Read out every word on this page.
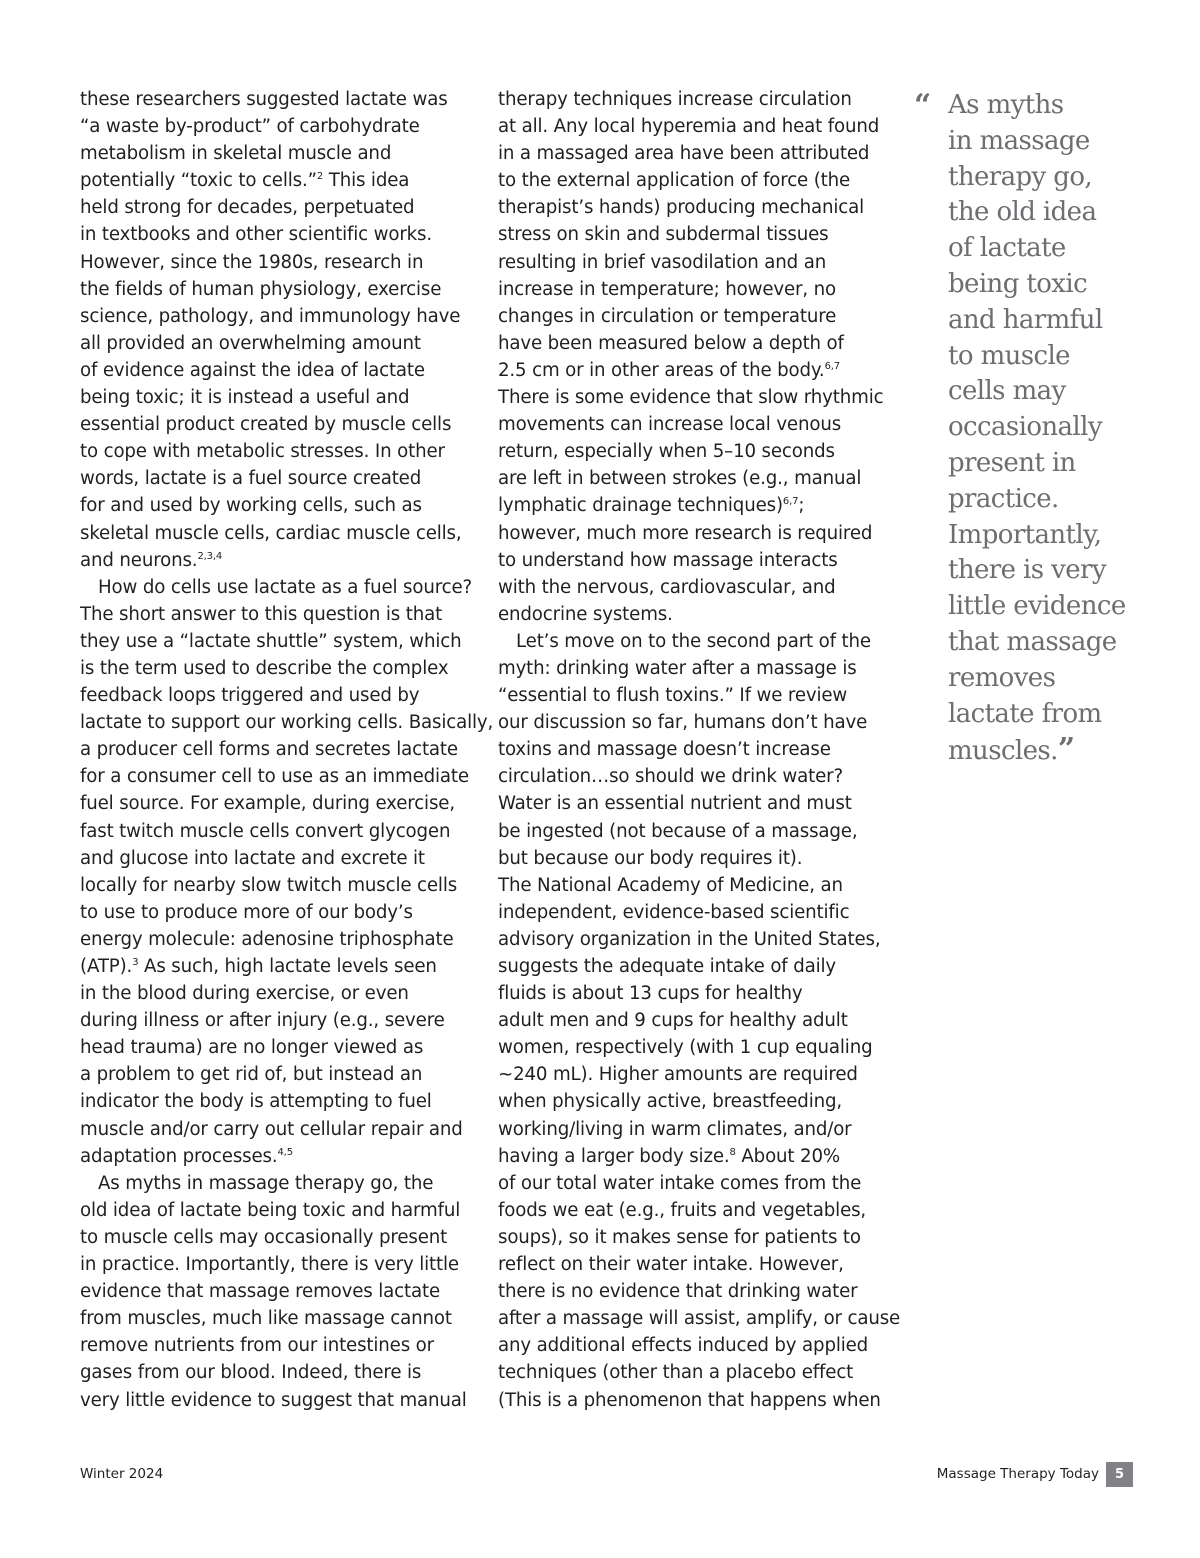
these researchers suggested lactate was
“a waste by-product” of carbohydrate
metabolism in skeletal muscle and
potentially “toxic to cells.”$^2$ This idea
held strong for decades, perpetuated
in textbooks and other scientific works.
However, since the 1980s, research in
the fields of human physiology, exercise
science, pathology, and immunology have
all provided an overwhelming amount
of evidence against the idea of lactate
being toxic; it is instead a useful and
essential product created by muscle cells
to cope with metabolic stresses. In other
words, lactate is a fuel source created
for and used by working cells, such as
skeletal muscle cells, cardiac muscle cells,
and neurons.$^{2,3,4}$
How do cells use lactate as a fuel source?
The short answer to this question is that
they use a “lactate shuttle” system, which
is the term used to describe the complex
feedback loops triggered and used by
lactate to support our working cells. Basically,
a producer cell forms and secretes lactate
for a consumer cell to use as an immediate
fuel source. For example, during exercise,
fast twitch muscle cells convert glycogen
and glucose into lactate and excrete it
locally for nearby slow twitch muscle cells
to use to produce more of our body’s
energy molecule: adenosine triphosphate
(ATP).$^3$ As such, high lactate levels seen
in the blood during exercise, or even
during illness or after injury (e.g., severe
head trauma) are no longer viewed as
a problem to get rid of, but instead an
indicator the body is attempting to fuel
muscle and/or carry out cellular repair and
adaptation processes.$^{4,5}$
As myths in massage therapy go, the
old idea of lactate being toxic and harmful
to muscle cells may occasionally present
in practice. Importantly, there is very little
evidence that massage removes lactate
from muscles, much like massage cannot
remove nutrients from our intestines or
gases from our blood. Indeed, there is
very little evidence to suggest that manual
therapy techniques increase circulation
at all. Any local hyperemia and heat found
in a massaged area have been attributed
to the external application of force (the
therapist’s hands) producing mechanical
stress on skin and subdermal tissues
resulting in brief vasodilation and an
increase in temperature; however, no
changes in circulation or temperature
have been measured below a depth of
2.5 cm or in other areas of the body.$^{6,7}$
There is some evidence that slow rhythmic
movements can increase local venous
return, especially when 5–10 seconds
are left in between strokes (e.g., manual
lymphatic drainage techniques)$^{6,7}$;
however, much more research is required
to understand how massage interacts
with the nervous, cardiovascular, and
endocrine systems.
Let’s move on to the second part of the
myth: drinking water after a massage is
“essential to flush toxins.” If we review
our discussion so far, humans don’t have
toxins and massage doesn’t increase
circulation…so should we drink water?
Water is an essential nutrient and must
be ingested (not because of a massage,
but because our body requires it).
The National Academy of Medicine, an
independent, evidence-based scientific
advisory organization in the United States,
suggests the adequate intake of daily
fluids is about 13 cups for healthy
adult men and 9 cups for healthy adult
women, respectively (with 1 cup equaling
~240 mL). Higher amounts are required
when physically active, breastfeeding,
working/living in warm climates, and/or
having a larger body size.$^8$ About 20%
of our total water intake comes from the
foods we eat (e.g., fruits and vegetables,
soups), so it makes sense for patients to
reflect on their water intake. However,
there is no evidence that drinking water
after a massage will assist, amplify, or cause
any additional effects induced by applied
techniques (other than a placebo effect
(This is a phenomenon that happens when
“ As myths
in massage
therapy go,
the old idea
of lactate
being toxic
and harmful
to muscle
cells may
occasionally
present in
practice.
Importantly,
there is very
little evidence
that massage
removes
lactate from
muscles.”
Winter 2024	Massage Therapy Today	5
